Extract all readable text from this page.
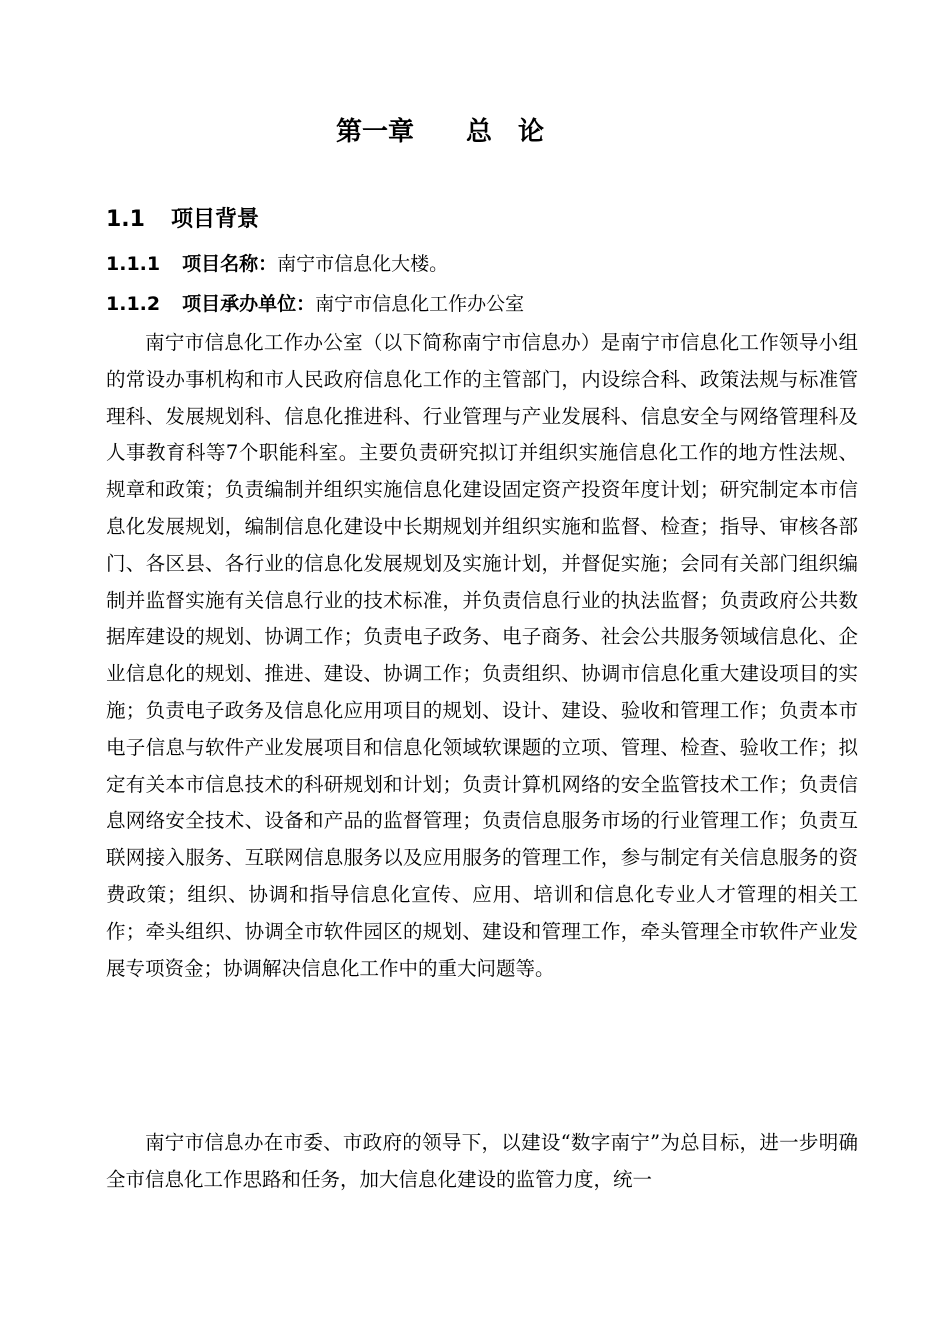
第一章　　总　论
1.1 项目背景
1.1.1 项目名称：南宁市信息化大楼。
1.1.2 项目承办单位：南宁市信息化工作办公室

南宁市信息化工作办公室（以下简称南宁市信息办）是南宁市信息化工作领导小组的常设办事机构和市人民政府信息化工作的主管部门，内设综合科、政策法规与标准管理科、发展规划科、信息化推进科、行业管理与产业发展科、信息安全与网络管理科及人事教育科等7个职能科室。主要负责研究拟订并组织实施信息化工作的地方性法规、规章和政策；负责编制并组织实施信息化建设固定资产投资年度计划；研究制定本市信息化发展规划，编制信息化建设中长期规划并组织实施和监督、检查；指导、审核各部门、各区县、各行业的信息化发展规划及实施计划，并督促实施；会同有关部门组织编制并监督实施有关信息行业的技术标准，并负责信息行业的执法监督；负责政府公共数据库建设的规划、协调工作；负责电子政务、电子商务、社会公共服务领域信息化、企业信息化的规划、推进、建设、协调工作；负责组织、协调市信息化重大建设项目的实施；负责电子政务及信息化应用项目的规划、设计、建设、验收和管理工作；负责本市电子信息与软件产业发展项目和信息化领域软课题的立项、管理、检查、验收工作；拟定有关本市信息技术的科研规划和计划；负责计算机网络的安全监管技术工作；负责信息网络安全技术、设备和产品的监督管理；负责信息服务市场的行业管理工作；负责互联网接入服务、互联网信息服务以及应用服务的管理工作，参与制定有关信息服务的资费政策；组织、协调和指导信息化宣传、应用、培训和信息化专业人才管理的相关工作；牵头组织、协调全市软件园区的规划、建设和管理工作，牵头管理全市软件产业发展专项资金；协调解决信息化工作中的重大问题等。

南宁市信息办在市委、市政府的领导下，以建设“数字南宁”为总目标，进一步明确全市信息化工作思路和任务，加大信息化建设的监管力度，统一
